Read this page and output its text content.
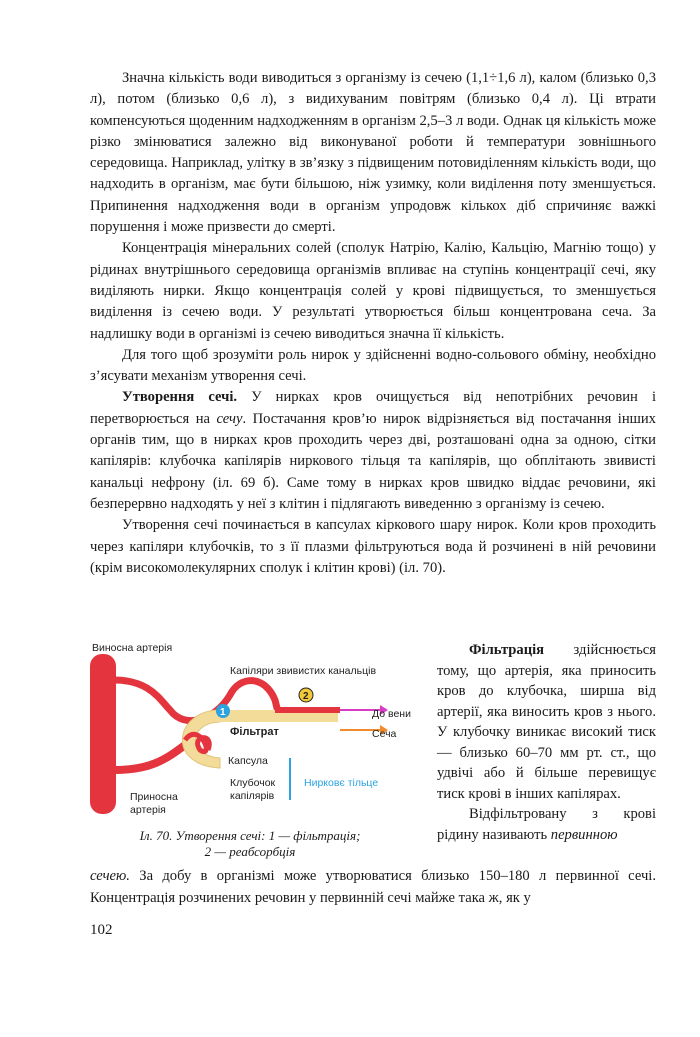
Значна кількість води виводиться з організму із сечею (1,1÷1,6 л), калом (близько 0,3 л), потом (близько 0,6 л), з видихуваним повітрям (близько 0,4 л). Ці втрати компенсуються щоденним надходженням в організм 2,5–3 л води. Однак ця кількість може різко змінюватися залежно від виконуваної роботи й температури зовнішнього середовища. Наприклад, улітку в зв’язку з підвищеним потовиділенням кількість води, що надходить в організм, має бути більшою, ніж узимку, коли виділення поту зменшується. Припинення надходження води в організм упродовж кількох діб спричиняє важкі порушення і може призвести до смерті.

Концентрація мінеральних солей (сполук Натрію, Калію, Кальцію, Магнію тощо) у рідинах внутрішнього середовища організмів впливає на ступінь концентрації сечі, яку виділяють нирки. Якщо концентрація солей у крові підвищується, то зменшується виділення із сечею води. У результаті утворюється більш концентрована сеча. За надлишку води в організмі із сечею виводиться значна її кількість.

Для того щоб зрозуміти роль нирок у здійсненні водно-сольового обміну, необхідно з’ясувати механізм утворення сечі.

Утворення сечі. У нирках кров очищується від непотрібних речовин і перетворюється на сечу. Постачання кров’ю нирок відрізняється від постачання інших органів тим, що в нирках кров проходить через дві, розташовані одна за одною, сітки капілярів: клубочка капілярів ниркового тільця та капілярів, що обплітають звивисті канальці нефрону (іл. 69 б). Саме тому в нирках кров швидко віддає речовини, які безперервно надходять у неї з клітин і підлягають виведенню з організму із сечею.

Утворення сечі починається в капсулах кіркового шару нирок. Коли кров проходить через капіляри клубочків, то з її плазми фільтруються вода й розчинені в ній речовини (крім високомолекулярних сполук і клітин крові) (іл. 70).

1
2
Виносна артерія
Капіляри звивистих канальців
Фільтрат
До вени
Сеча
Капсула
Клубочок
капілярів
Нирковє тільце
Приносна
артерія
Іл. 70. Утворення сечі: 1 — фільтрація;
2 — реабсорбція

Фільтрація здійснюється тому, що артерія, яка приносить кров до клубочка, ширша від артерії, яка виносить кров з нього. У клубочку виникає високий тиск — близько 60–70 мм рт. ст., що удвічі або й більше перевищує тиск крові в інших капілярах.

Відфільтровану з крові рідину називають первинною

сечею. За добу в організмі може утворюватися близько 150–180 л первинної сечі. Концентрація розчинених речовин у первинній сечі майже така ж, як у

102
